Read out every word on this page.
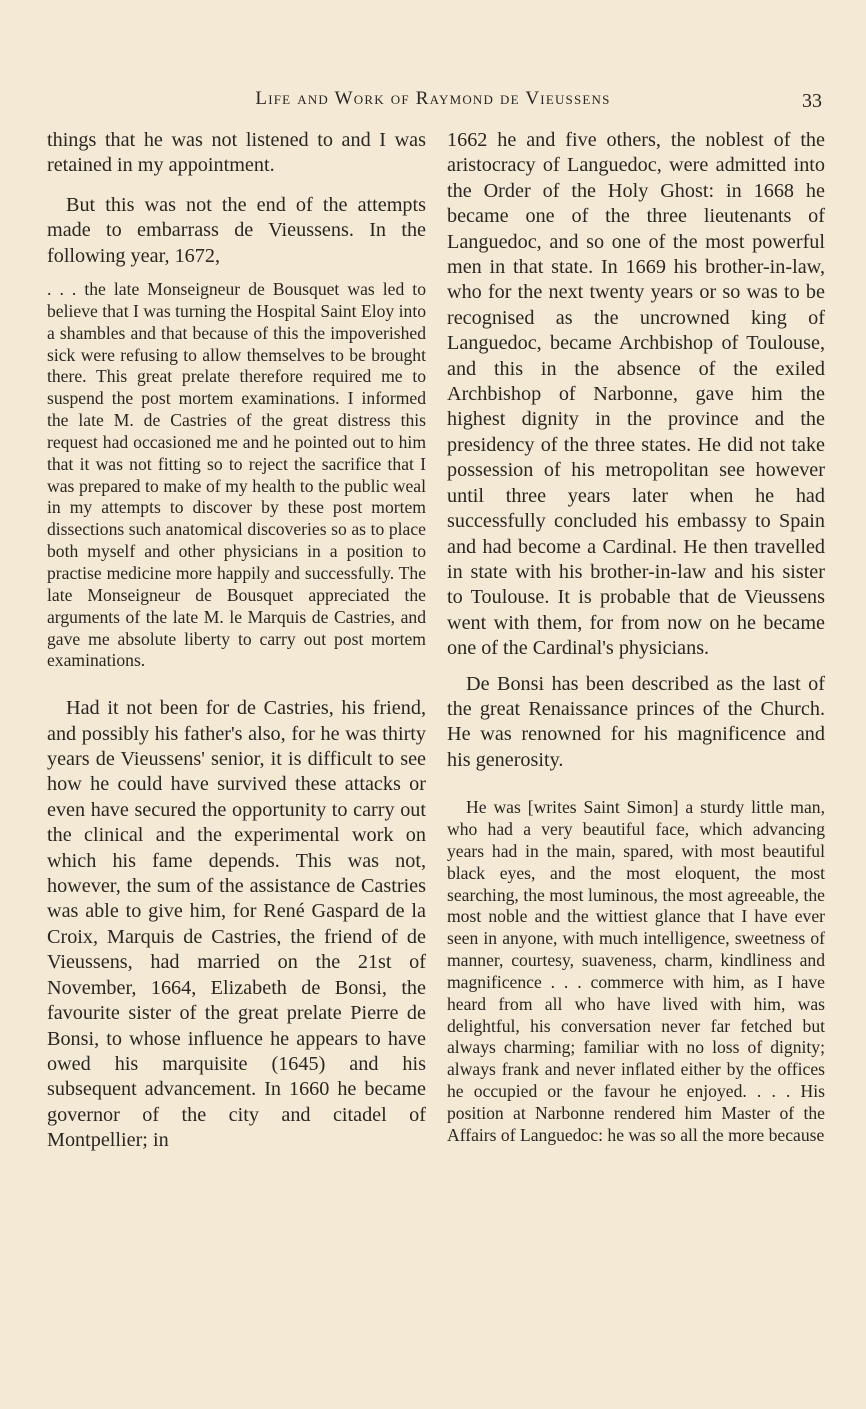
Life and Work of Raymond de Vieussens	33

things that he was not listened to and I was retained in my appointment.

But this was not the end of the attempts made to embarrass de Vieussens. In the following year, 1672,

. . . the late Monseigneur de Bousquet was led to believe that I was turning the Hospital Saint Eloy into a shambles and that because of this the impoverished sick were refusing to allow themselves to be brought there. This great prelate therefore required me to suspend the post mortem examinations. I informed the late M. de Castries of the great distress this request had occasioned me and he pointed out to him that it was not fitting so to reject the sacrifice that I was prepared to make of my health to the public weal in my attempts to discover by these post mortem dissections such anatomical discoveries so as to place both myself and other physicians in a position to practise medicine more happily and successfully. The late Monseigneur de Bousquet appreciated the arguments of the late M. le Marquis de Castries, and gave me absolute liberty to carry out post mortem examinations.

Had it not been for de Castries, his friend, and possibly his father's also, for he was thirty years de Vieussens' senior, it is difficult to see how he could have survived these attacks or even have secured the opportunity to carry out the clinical and the experimental work on which his fame depends. This was not, however, the sum of the assistance de Castries was able to give him, for René Gaspard de la Croix, Marquis de Castries, the friend of de Vieussens, had married on the 21st of November, 1664, Elizabeth de Bonsi, the favourite sister of the great prelate Pierre de Bonsi, to whose influence he appears to have owed his marquisite (1645) and his subsequent advancement. In 1660 he became governor of the city and citadel of Montpellier; in

1662 he and five others, the noblest of the aristocracy of Languedoc, were admitted into the Order of the Holy Ghost: in 1668 he became one of the three lieutenants of Languedoc, and so one of the most powerful men in that state. In 1669 his brother-in-law, who for the next twenty years or so was to be recognised as the uncrowned king of Languedoc, became Archbishop of Toulouse, and this in the absence of the exiled Archbishop of Narbonne, gave him the highest dignity in the province and the presidency of the three states. He did not take possession of his metropolitan see however until three years later when he had successfully concluded his embassy to Spain and had become a Cardinal. He then travelled in state with his brother-in-law and his sister to Toulouse. It is probable that de Vieussens went with them, for from now on he became one of the Cardinal's physicians.

De Bonsi has been described as the last of the great Renaissance princes of the Church. He was renowned for his magnificence and his generosity.

He was [writes Saint Simon] a sturdy little man, who had a very beautiful face, which advancing years had in the main, spared, with most beautiful black eyes, and the most eloquent, the most searching, the most luminous, the most agreeable, the most noble and the wittiest glance that I have ever seen in anyone, with much intelligence, sweetness of manner, courtesy, suaveness, charm, kindliness and magnificence . . . commerce with him, as I have heard from all who have lived with him, was delightful, his conversation never far fetched but always charming; familiar with no loss of dignity; always frank and never inflated either by the offices he occupied or the favour he enjoyed. . . . His position at Narbonne rendered him Master of the Affairs of Languedoc: he was so all the more because
